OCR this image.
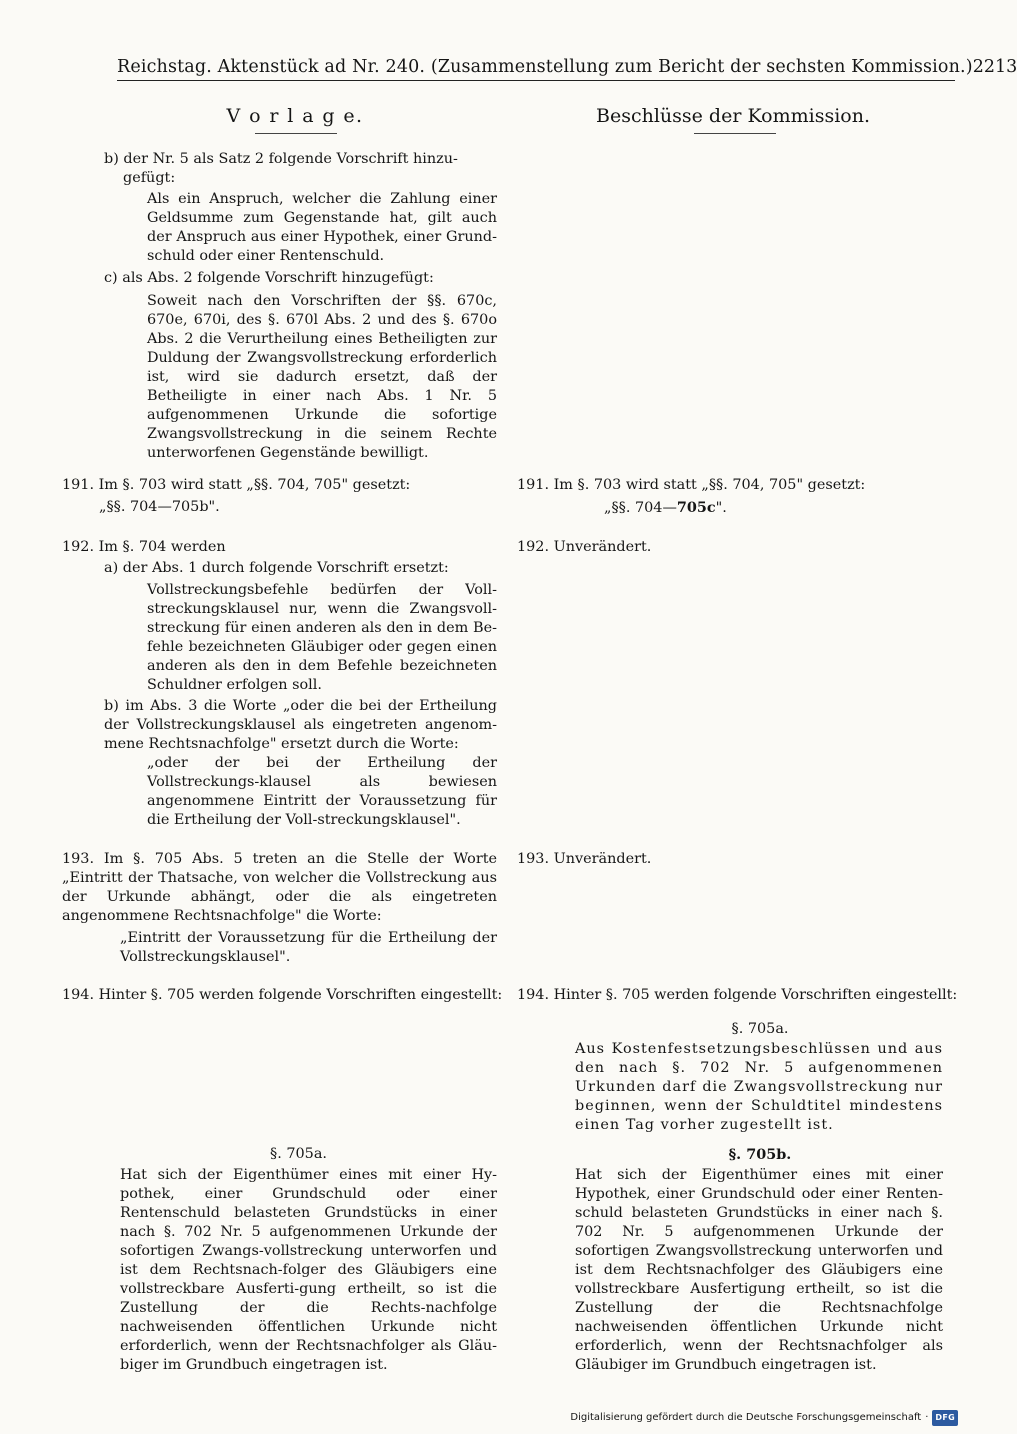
Reichstag. Aktenstück ad Nr. 240. (Zusammenstellung zum Bericht der sechsten Kommission.) 2213
V o r l a g e.	Beschlüsse der Kommission.
b) der Nr. 5 als Satz 2 folgende Vorschrift hinzu-
gefügt:
Als ein Anspruch, welcher die Zahlung einer Geldsumme zum Gegenstande hat, gilt auch der Anspruch aus einer Hypothek, einer Grund-schuld oder einer Rentenschuld.
c) als Abs. 2 folgende Vorschrift hinzugefügt:
Soweit nach den Vorschriften der §§. 670c, 670e, 670i, des §. 670l Abs. 2 und des §. 670o Abs. 2 die Verurtheilung eines Betheiligten zur Duldung der Zwangsvollstreckung erforderlich ist, wird sie dadurch ersetzt, daß der Betheiligte in einer nach Abs. 1 Nr. 5 aufgenommenen Urkunde die sofortige Zwangsvollstreckung in die seinem Rechte unterworfenen Gegenstände bewilligt.
191. Im §. 703 wird statt „§§. 704, 705" gesetzt:
„§§. 704—705b".
192. Im §. 704 werden
a) der Abs. 1 durch folgende Vorschrift ersetzt:
Vollstreckungsbefehle bedürfen der Voll-streckungsklausel nur, wenn die Zwangsvoll-streckung für einen anderen als den in dem Be-fehle bezeichneten Gläubiger oder gegen einen anderen als den in dem Befehle bezeichneten Schuldner erfolgen soll.
b) im Abs. 3 die Worte „oder die bei der Ertheilung der Vollstreckungsklausel als eingetreten angenom-mene Rechtsnachfolge" ersetzt durch die Worte:
„oder der bei der Ertheilung der Vollstreckungs-klausel als bewiesen angenommene Eintritt der Voraussetzung für die Ertheilung der Voll-streckungsklausel".
193. Im §. 705 Abs. 5 treten an die Stelle der Worte „Eintritt der Thatsache, von welcher die Vollstreckung aus der Urkunde abhängt, oder die als eingetreten angenommene Rechtsnachfolge" die Worte:
„Eintritt der Voraussetzung für die Ertheilung der Vollstreckungsklausel".
194. Hinter §. 705 werden folgende Vorschriften eingestellt:
§. 705a.
Hat sich der Eigenthümer eines mit einer Hy-pothek, einer Grundschuld oder einer Rentenschuld belasteten Grundstücks in einer nach §. 702 Nr. 5 aufgenommenen Urkunde der sofortigen Zwangs-vollstreckung unterworfen und ist dem Rechtsnach-folger des Gläubigers eine vollstreckbare Ausferti-gung ertheilt, so ist die Zustellung der die Rechts-nachfolge nachweisenden öffentlichen Urkunde nicht erforderlich, wenn der Rechtsnachfolger als Gläu-biger im Grundbuch eingetragen ist.
191. Im §. 703 wird statt „§§. 704, 705" gesetzt:
„§§. 704—705c".
192. Unverändert.
193. Unverändert.
194. Hinter §. 705 werden folgende Vorschriften eingestellt:
§. 705a.
Aus Kostenfestsetzungsbeschlüssen und aus den nach §. 702 Nr. 5 aufgenommenen Urkunden darf die Zwangsvollstreckung nur beginnen, wenn der Schuldtitel mindestens einen Tag vorher zugestellt ist.
§. 705b.
Hat sich der Eigenthümer eines mit einer Hypothek, einer Grundschuld oder einer Renten-schuld belasteten Grundstücks in einer nach §. 702 Nr. 5 aufgenommenen Urkunde der sofortigen Zwangsvollstreckung unterworfen und ist dem Rechtsnachfolger des Gläubigers eine vollstreckbare Ausfertigung ertheilt, so ist die Zustellung der die Rechtsnachfolge nachweisenden öffentlichen Urkunde nicht erforderlich, wenn der Rechtsnachfolger als Gläubiger im Grundbuch eingetragen ist.
Digitalisierung gefördert durch die Deutsche Forschungsgemeinschaft · DFG
